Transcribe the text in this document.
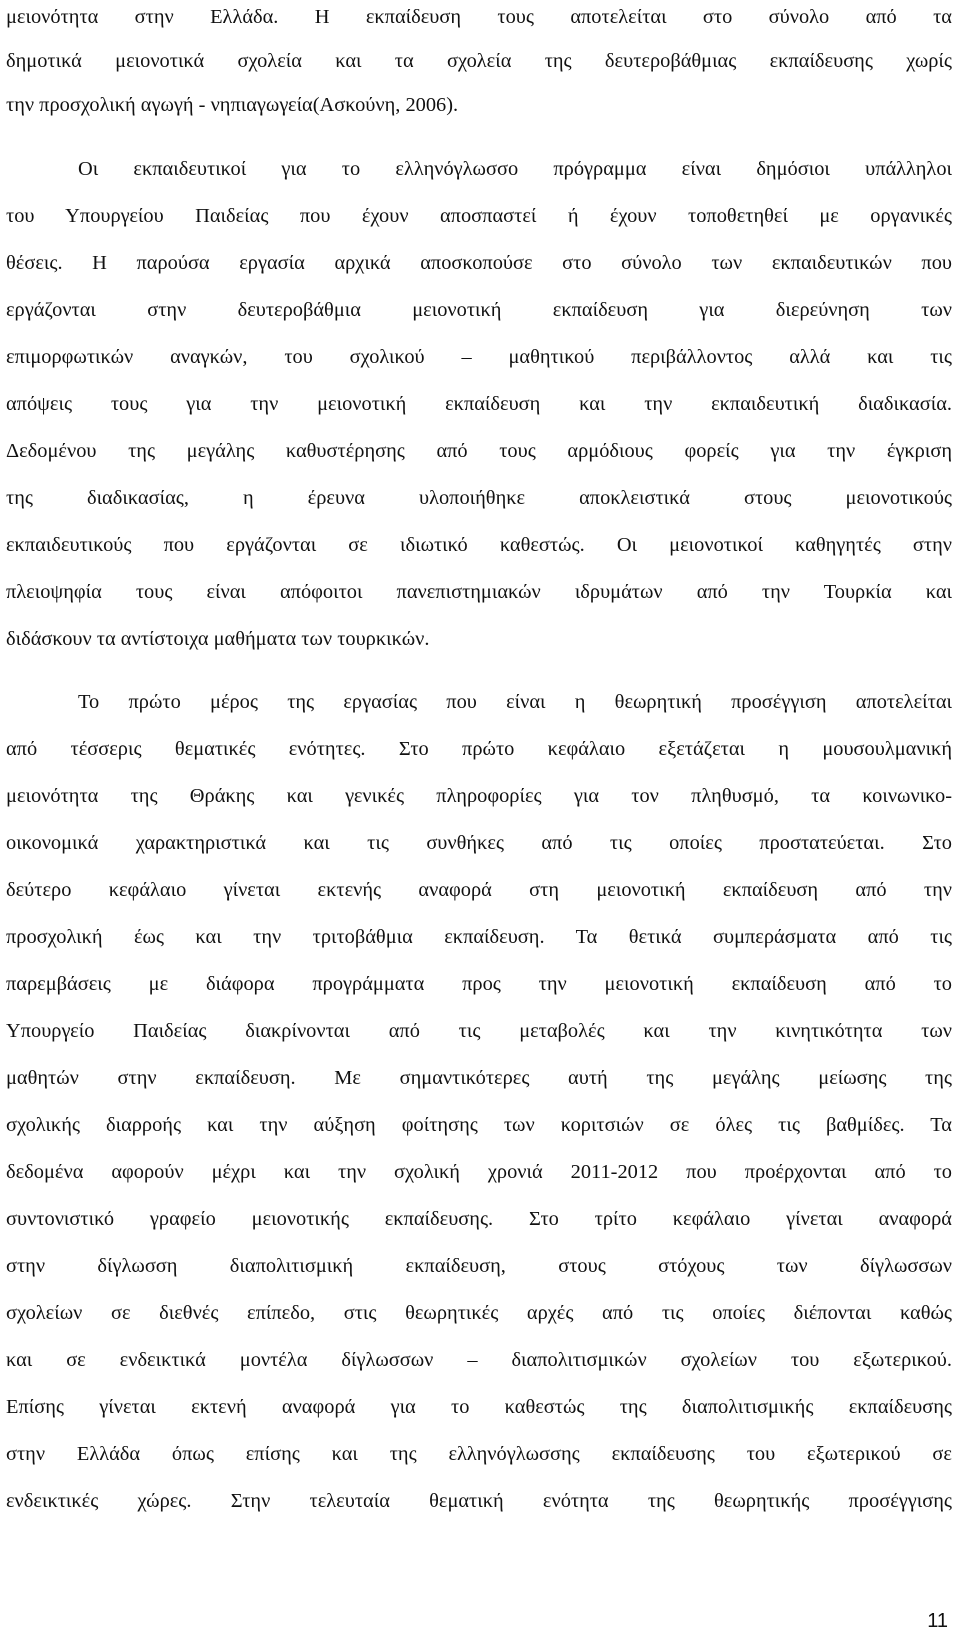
μειονότητα στην Ελλάδα. Η εκπαίδευση τους αποτελείται στο σύνολο από τα
δημοτικά μειονοτικά σχολεία και τα σχολεία της δευτεροβάθμιας εκπαίδευσης χωρίς
την προσχολική αγωγή - νηπιαγωγεία(Ασκούνη, 2006).
Οι εκπαιδευτικοί για το ελληνόγλωσσο πρόγραμμα είναι δημόσιοι υπάλληλοι
του Υπουργείου Παιδείας που έχουν αποσπαστεί ή έχουν τοποθετηθεί με οργανικές
θέσεις. Η παρούσα εργασία αρχικά αποσκοπούσε στο σύνολο των εκπαιδευτικών που
εργάζονται στην δευτεροβάθμια μειονοτική εκπαίδευση για διερεύνηση των
επιμορφωτικών αναγκών, του σχολικού – μαθητικού περιβάλλοντος αλλά και τις
απόψεις τους για την μειονοτική εκπαίδευση και την εκπαιδευτική διαδικασία.
Δεδομένου της μεγάλης καθυστέρησης από τους αρμόδιους φορείς για την έγκριση
της διαδικασίας, η έρευνα υλοποιήθηκε αποκλειστικά στους μειονοτικούς
εκπαιδευτικούς που εργάζονται σε ιδιωτικό καθεστώς. Οι μειονοτικοί καθηγητές στην
πλειοψηφία τους είναι απόφοιτοι πανεπιστημιακών ιδρυμάτων από την Τουρκία και
διδάσκουν τα αντίστοιχα μαθήματα των τουρκικών.
Το πρώτο μέρος της εργασίας που είναι η θεωρητική προσέγγιση αποτελείται
από τέσσερις θεματικές ενότητες. Στο πρώτο κεφάλαιο εξετάζεται η μουσουλμανική
μειονότητα της Θράκης και γενικές πληροφορίες για τον πληθυσμό, τα κοινωνικο-
οικονομικά χαρακτηριστικά και τις συνθήκες από τις οποίες προστατεύεται. Στο
δεύτερο κεφάλαιο γίνεται εκτενής αναφορά στη μειονοτική εκπαίδευση από την
προσχολική έως και την τριτοβάθμια εκπαίδευση. Τα θετικά συμπεράσματα από τις
παρεμβάσεις με διάφορα προγράμματα προς την μειονοτική εκπαίδευση από το
Υπουργείο Παιδείας διακρίνονται από τις μεταβολές και την κινητικότητα των
μαθητών στην εκπαίδευση. Με σημαντικότερες αυτή της μεγάλης μείωσης της
σχολικής διαρροής και την αύξηση φοίτησης των κοριτσιών σε όλες τις βαθμίδες. Τα
δεδομένα αφορούν μέχρι και την σχολική χρονιά 2011-2012 που προέρχονται από το
συντονιστικό γραφείο μειονοτικής εκπαίδευσης. Στο τρίτο κεφάλαιο γίνεται αναφορά
στην δίγλωσση διαπολιτισμική εκπαίδευση, στους στόχους των δίγλωσσων
σχολείων σε διεθνές επίπεδο, στις θεωρητικές αρχές από τις οποίες διέπονται καθώς
και σε ενδεικτικά μοντέλα δίγλωσσων – διαπολιτισμικών σχολείων του εξωτερικού.
Επίσης γίνεται εκτενή αναφορά για το καθεστώς της διαπολιτισμικής εκπαίδευσης
στην Ελλάδα όπως επίσης και της ελληνόγλωσσης εκπαίδευσης του εξωτερικού σε
ενδεικτικές χώρες. Στην τελευταία θεματική ενότητα της θεωρητικής προσέγγισης
11
